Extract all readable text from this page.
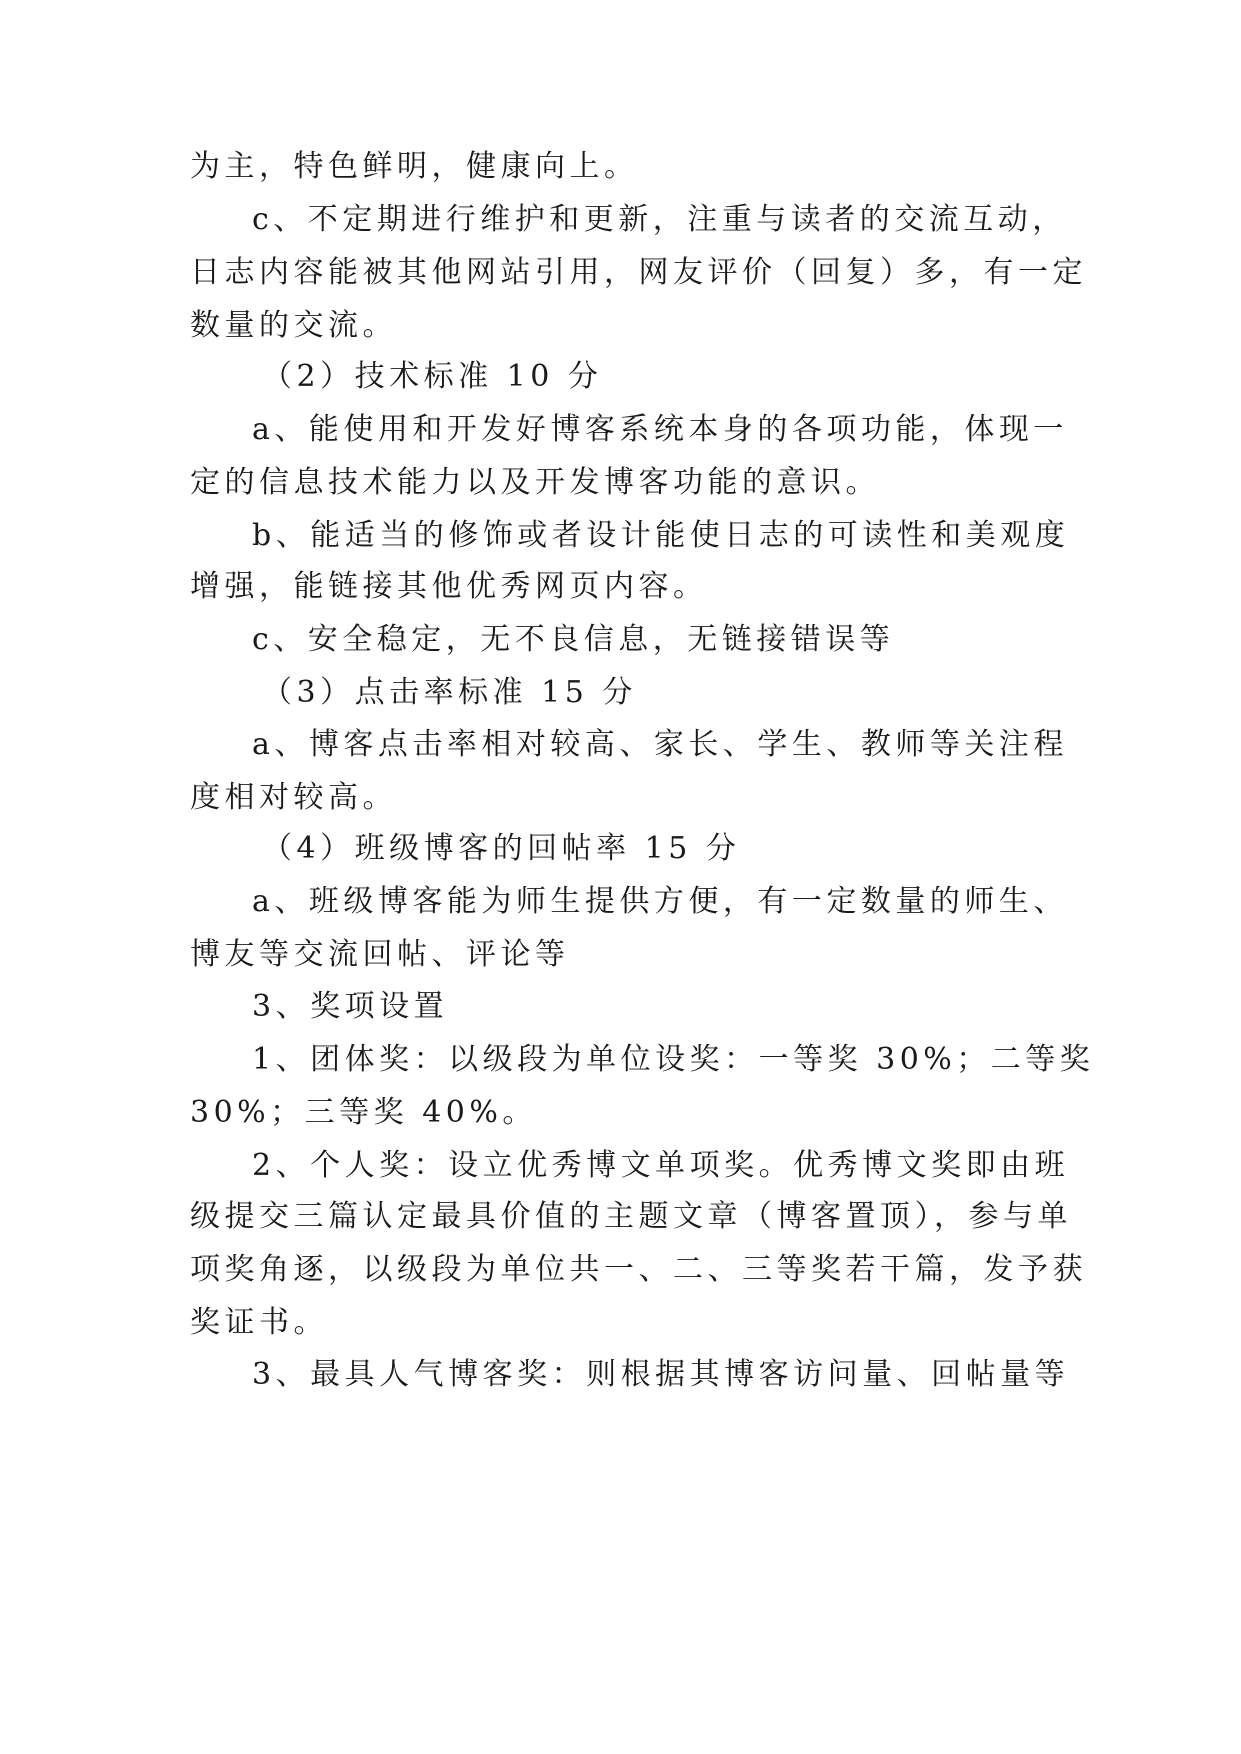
为主，特色鲜明，健康向上。
c、不定期进行维护和更新，注重与读者的交流互动，
日志内容能被其他网站引用，网友评价（回复）多，有一定
数量的交流。
（2）技术标准 10 分
a、能使用和开发好博客系统本身的各项功能，体现一
定的信息技术能力以及开发博客功能的意识。
b、能适当的修饰或者设计能使日志的可读性和美观度
增强，能链接其他优秀网页内容。
c、安全稳定，无不良信息，无链接错误等
（3）点击率标准 15 分
a、博客点击率相对较高、家长、学生、教师等关注程
度相对较高。
（4）班级博客的回帖率 15 分
a、班级博客能为师生提供方便，有一定数量的师生、
博友等交流回帖、评论等
3、奖项设置
1、团体奖：以级段为单位设奖：一等奖 30%；二等奖
30%；三等奖 40%。
2、个人奖：设立优秀博文单项奖。优秀博文奖即由班
级提交三篇认定最具价值的主题文章（博客置顶），参与单
项奖角逐，以级段为单位共一、二、三等奖若干篇，发予获
奖证书。
3、最具人气博客奖：则根据其博客访问量、回帖量等
